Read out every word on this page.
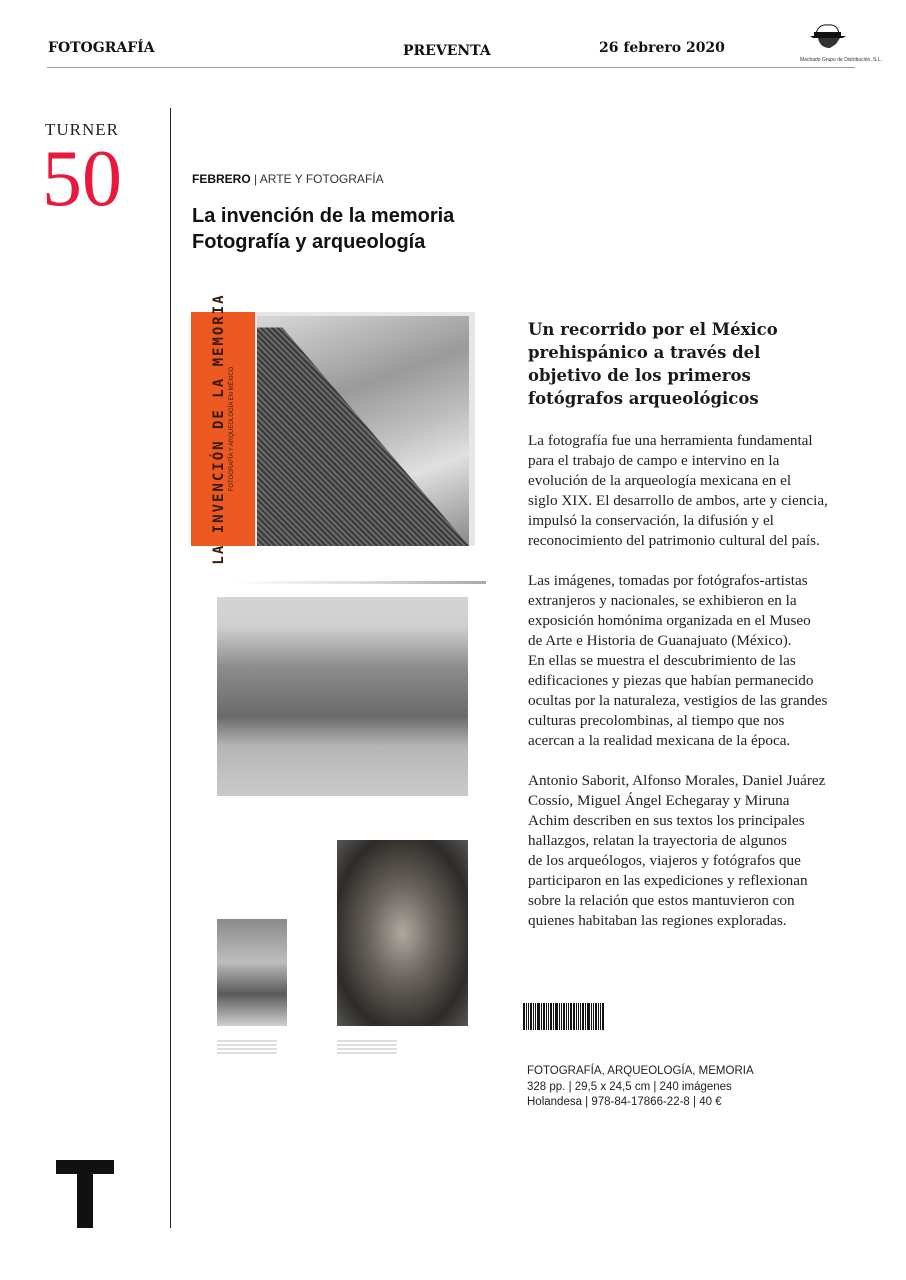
FOTOGRAFÍA	PREVENTA	26 febrero 2020
Machado Grupo de Distribución, S.L.
TURNER
50	FEBRERO | ARTE Y FOTOGRAFÍA
La invención de la memoria
Fotografía y arqueología
LA INVENCIÓN DE LA MEMORIA FOTOGRAFÍA Y ARQUEOLOGÍA EN MÉXICO
Un recorrido por el México
prehispánico a través del
objetivo de los primeros
fotógrafos arqueológicos
La fotografía fue una herramienta fundamental
para el trabajo de campo e intervino en la
evolución de la arqueología mexicana en el
siglo XIX. El desarrollo de ambos, arte y ciencia,
impulsó la conservación, la difusión y el
reconocimiento del patrimonio cultural del país.
Las imágenes, tomadas por fotógrafos-artistas
extranjeros y nacionales, se exhibieron en la
exposición homónima organizada en el Museo
de Arte e Historia de Guanajuato (México).
En ellas se muestra el descubrimiento de las
edificaciones y piezas que habían permanecido
ocultas por la naturaleza, vestigios de las grandes
culturas precolombinas, al tiempo que nos
acercan a la realidad mexicana de la época.
Antonio Saborit, Alfonso Morales, Daniel Juárez
Cossío, Miguel Ángel Echegaray y Miruna
Achim describen en sus textos los principales
hallazgos, relatan la trayectoria de algunos
de los arqueólogos, viajeros y fotógrafos que
participaron en las expediciones y reflexionan
sobre la relación que estos mantuvieron con
quienes habitaban las regiones exploradas.
FOTOGRAFÍA, ARQUEOLOGÍA, MEMORIA
328 pp. | 29,5 x 24,5 cm | 240 imágenes
Holandesa | 978-84-17866-22-8 | 40 €
